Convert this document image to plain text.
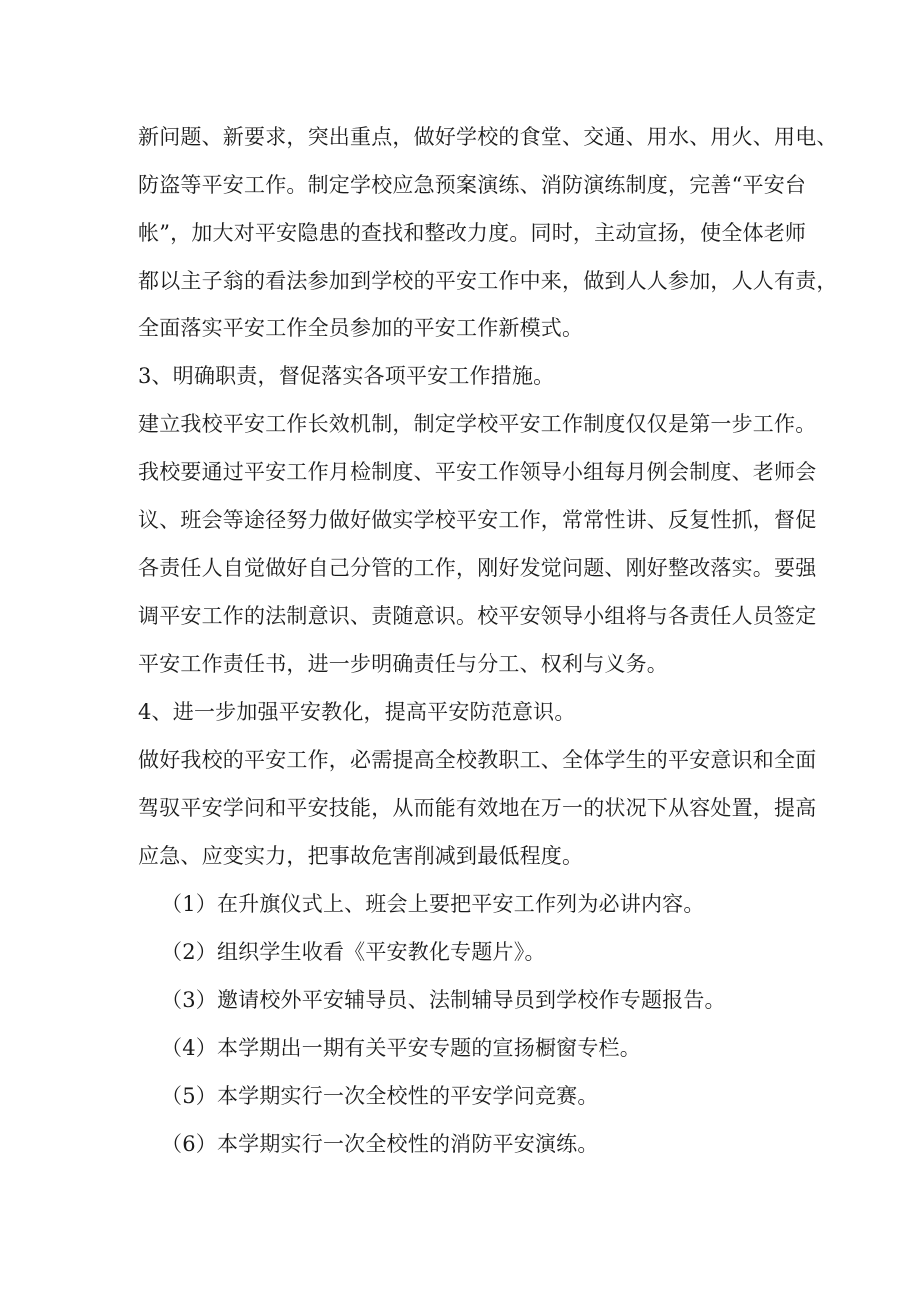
新问题、新要求，突出重点，做好学校的食堂、交通、用水、用火、用电、
防盗等平安工作。制定学校应急预案演练、消防演练制度，完善“平安台
帐”，加大对平安隐患的查找和整改力度。同时，主动宣扬，使全体老师
都以主子翁的看法参加到学校的平安工作中来，做到人人参加，人人有责，
全面落实平安工作全员参加的平安工作新模式。
3、明确职责，督促落实各项平安工作措施。
建立我校平安工作长效机制，制定学校平安工作制度仅仅是第一步工作。
我校要通过平安工作月检制度、平安工作领导小组每月例会制度、老师会
议、班会等途径努力做好做实学校平安工作，常常性讲、反复性抓，督促
各责任人自觉做好自己分管的工作，刚好发觉问题、刚好整改落实。要强
调平安工作的法制意识、责随意识。校平安领导小组将与各责任人员签定
平安工作责任书，进一步明确责任与分工、权利与义务。
4、进一步加强平安教化，提高平安防范意识。
做好我校的平安工作，必需提高全校教职工、全体学生的平安意识和全面
驾驭平安学问和平安技能，从而能有效地在万一的状况下从容处置，提高
应急、应变实力，把事故危害削减到最低程度。
（1）在升旗仪式上、班会上要把平安工作列为必讲内容。
（2）组织学生收看《平安教化专题片》。
（3）邀请校外平安辅导员、法制辅导员到学校作专题报告。
（4）本学期出一期有关平安专题的宣扬橱窗专栏。
（5）本学期实行一次全校性的平安学问竞赛。
（6）本学期实行一次全校性的消防平安演练。
